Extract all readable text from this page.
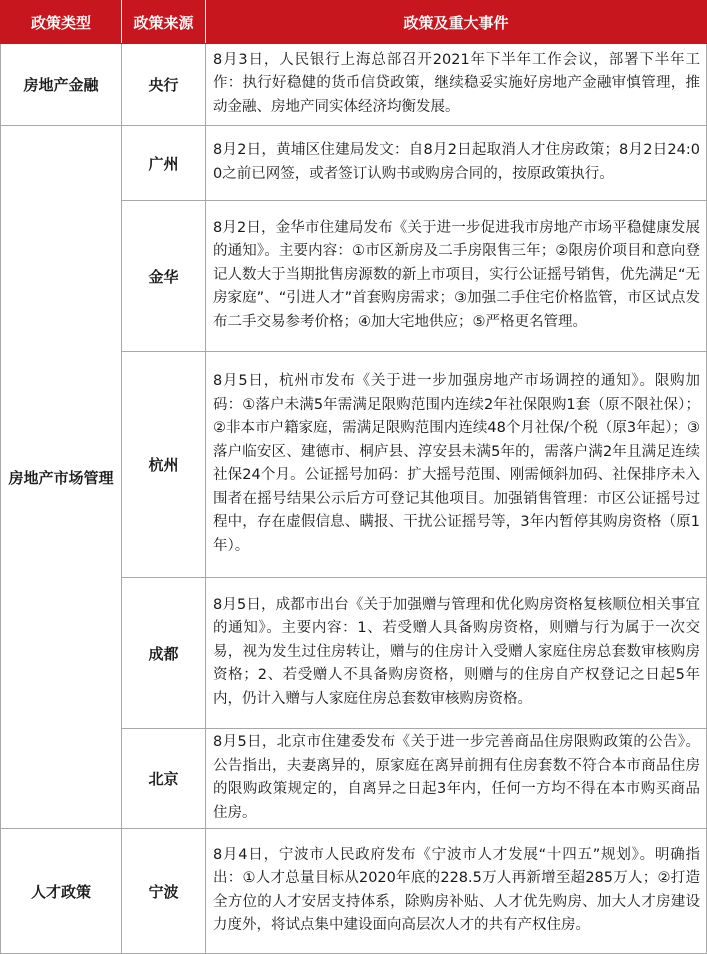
政策类型	政策来源	政策及重大事件
房地产金融	央行	8月3日，人民银行上海总部召开2021年下半年工作会议，部署下半年工作：执行好稳健的货币信贷政策，继续稳妥实施好房地产金融审慎管理，推动金融、房地产同实体经济均衡发展。
房地产市场管理	广州	8月2日，黄埔区住建局发文：自8月2日起取消人才住房政策；8月2日24:00之前已网签，或者签订认购书或购房合同的，按原政策执行。
	金华	8月2日，金华市住建局发布《关于进一步促进我市房地产市场平稳健康发展的通知》。主要内容：①市区新房及二手房限售三年；②限房价项目和意向登记人数大于当期批售房源数的新上市项目，实行公证摇号销售，优先满足“无房家庭”、“引进人才”首套购房需求；③加强二手住宅价格监管，市区试点发布二手交易参考价格；④加大宅地供应；⑤严格更名管理。
	杭州	8月5日，杭州市发布《关于进一步加强房地产市场调控的通知》。限购加码：①落户未满5年需满足限购范围内连续2年社保限购1套（原不限社保）；②非本市户籍家庭，需满足限购范围内连续48个月社保/个税（原3年起）；③落户临安区、建德市、桐庐县、淳安县未满5年的，需落户满2年且满足连续社保24个月。公证摇号加码：扩大摇号范围、刚需倾斜加码、社保排序未入围者在摇号结果公示后方可登记其他项目。加强销售管理：市区公证摇号过程中，存在虚假信息、瞒报、干扰公证摇号等，3年内暂停其购房资格（原1年）。
	成都	8月5日，成都市出台《关于加强赠与管理和优化购房资格复核顺位相关事宜的通知》。主要内容：1、若受赠人具备购房资格，则赠与行为属于一次交易，视为发生过住房转让，赠与的住房计入受赠人家庭住房总套数审核购房资格；2、若受赠人不具备购房资格，则赠与的住房自产权登记之日起5年内，仍计入赠与人家庭住房总套数审核购房资格。
	北京	8月5日，北京市住建委发布《关于进一步完善商品住房限购政策的公告》。公告指出，夫妻离异的，原家庭在离异前拥有住房套数不符合本市商品住房的限购政策规定的，自离异之日起3年内，任何一方均不得在本市购买商品住房。
人才政策	宁波	8月4日，宁波市人民政府发布《宁波市人才发展“十四五”规划》。明确指出：①人才总量目标从2020年底的228.5万人再新增至超285万人；②打造全方位的人才安居支持体系，除购房补贴、人才优先购房、加大人才房建设力度外，将试点集中建设面向高层次人才的共有产权住房。
